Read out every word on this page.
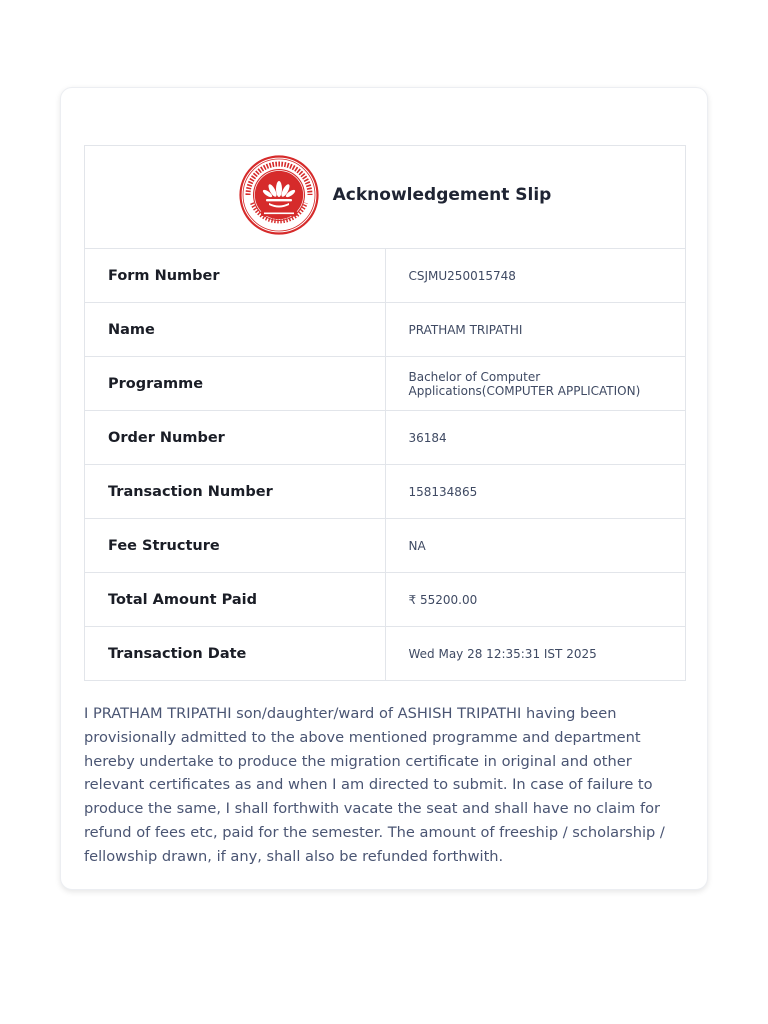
Acknowledgement Slip	

Form Number	CSJMU250015748
Name	PRATHAM TRIPATHI
Programme	Bachelor of Computer Applications(COMPUTER APPLICATION)
Order Number	36184
Transaction Number	158134865
Fee Structure	NA
Total Amount Paid	₹ 55200.00
Transaction Date	Wed May 28 12:35:31 IST 2025

I PRATHAM TRIPATHI son/daughter/ward of ASHISH TRIPATHI having been provisionally admitted to the above mentioned programme and department hereby undertake to produce the migration certificate in original and other relevant certificates as and when I am directed to submit. In case of failure to produce the same, I shall forthwith vacate the seat and shall have no claim for refund of fees etc, paid for the semester. The amount of freeship / scholarship / fellowship drawn, if any, shall also be refunded forthwith.
